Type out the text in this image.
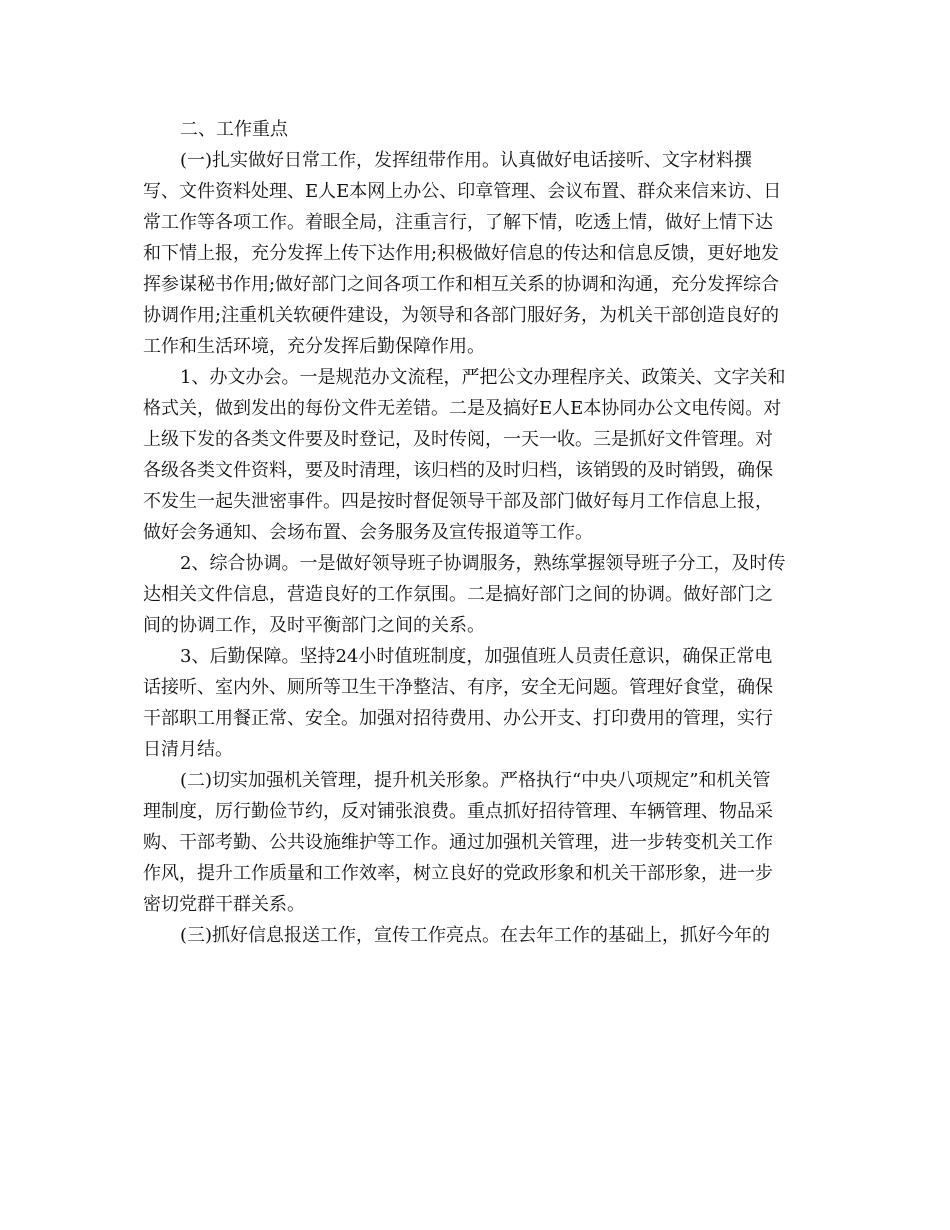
二、工作重点

(一)扎实做好日常工作，发挥纽带作用。认真做好电话接听、文字材料撰

写、文件资料处理、E人E本网上办公、印章管理、会议布置、群众来信来访、日

常工作等各项工作。着眼全局，注重言行，了解下情，吃透上情，做好上情下达

和下情上报，充分发挥上传下达作用;积极做好信息的传达和信息反馈，更好地发

挥参谋秘书作用;做好部门之间各项工作和相互关系的协调和沟通，充分发挥综合

协调作用;注重机关软硬件建设，为领导和各部门服好务，为机关干部创造良好的

工作和生活环境，充分发挥后勤保障作用。

1、办文办会。一是规范办文流程，严把公文办理程序关、政策关、文字关和

格式关，做到发出的每份文件无差错。二是及搞好E人E本协同办公文电传阅。对

上级下发的各类文件要及时登记，及时传阅，一天一收。三是抓好文件管理。对

各级各类文件资料，要及时清理，该归档的及时归档，该销毁的及时销毁，确保

不发生一起失泄密事件。四是按时督促领导干部及部门做好每月工作信息上报，

做好会务通知、会场布置、会务服务及宣传报道等工作。

2、综合协调。一是做好领导班子协调服务，熟练掌握领导班子分工，及时传

达相关文件信息，营造良好的工作氛围。二是搞好部门之间的协调。做好部门之

间的协调工作，及时平衡部门之间的关系。

3、后勤保障。坚持24小时值班制度，加强值班人员责任意识，确保正常电

话接听、室内外、厕所等卫生干净整洁、有序，安全无问题。管理好食堂，确保

干部职工用餐正常、安全。加强对招待费用、办公开支、打印费用的管理，实行

日清月结。

(二)切实加强机关管理，提升机关形象。严格执行“中央八项规定”和机关管

理制度，厉行勤俭节约，反对铺张浪费。重点抓好招待管理、车辆管理、物品采

购、干部考勤、公共设施维护等工作。通过加强机关管理，进一步转变机关工作

作风，提升工作质量和工作效率，树立良好的党政形象和机关干部形象，进一步

密切党群干群关系。

(三)抓好信息报送工作，宣传工作亮点。在去年工作的基础上，抓好今年的
